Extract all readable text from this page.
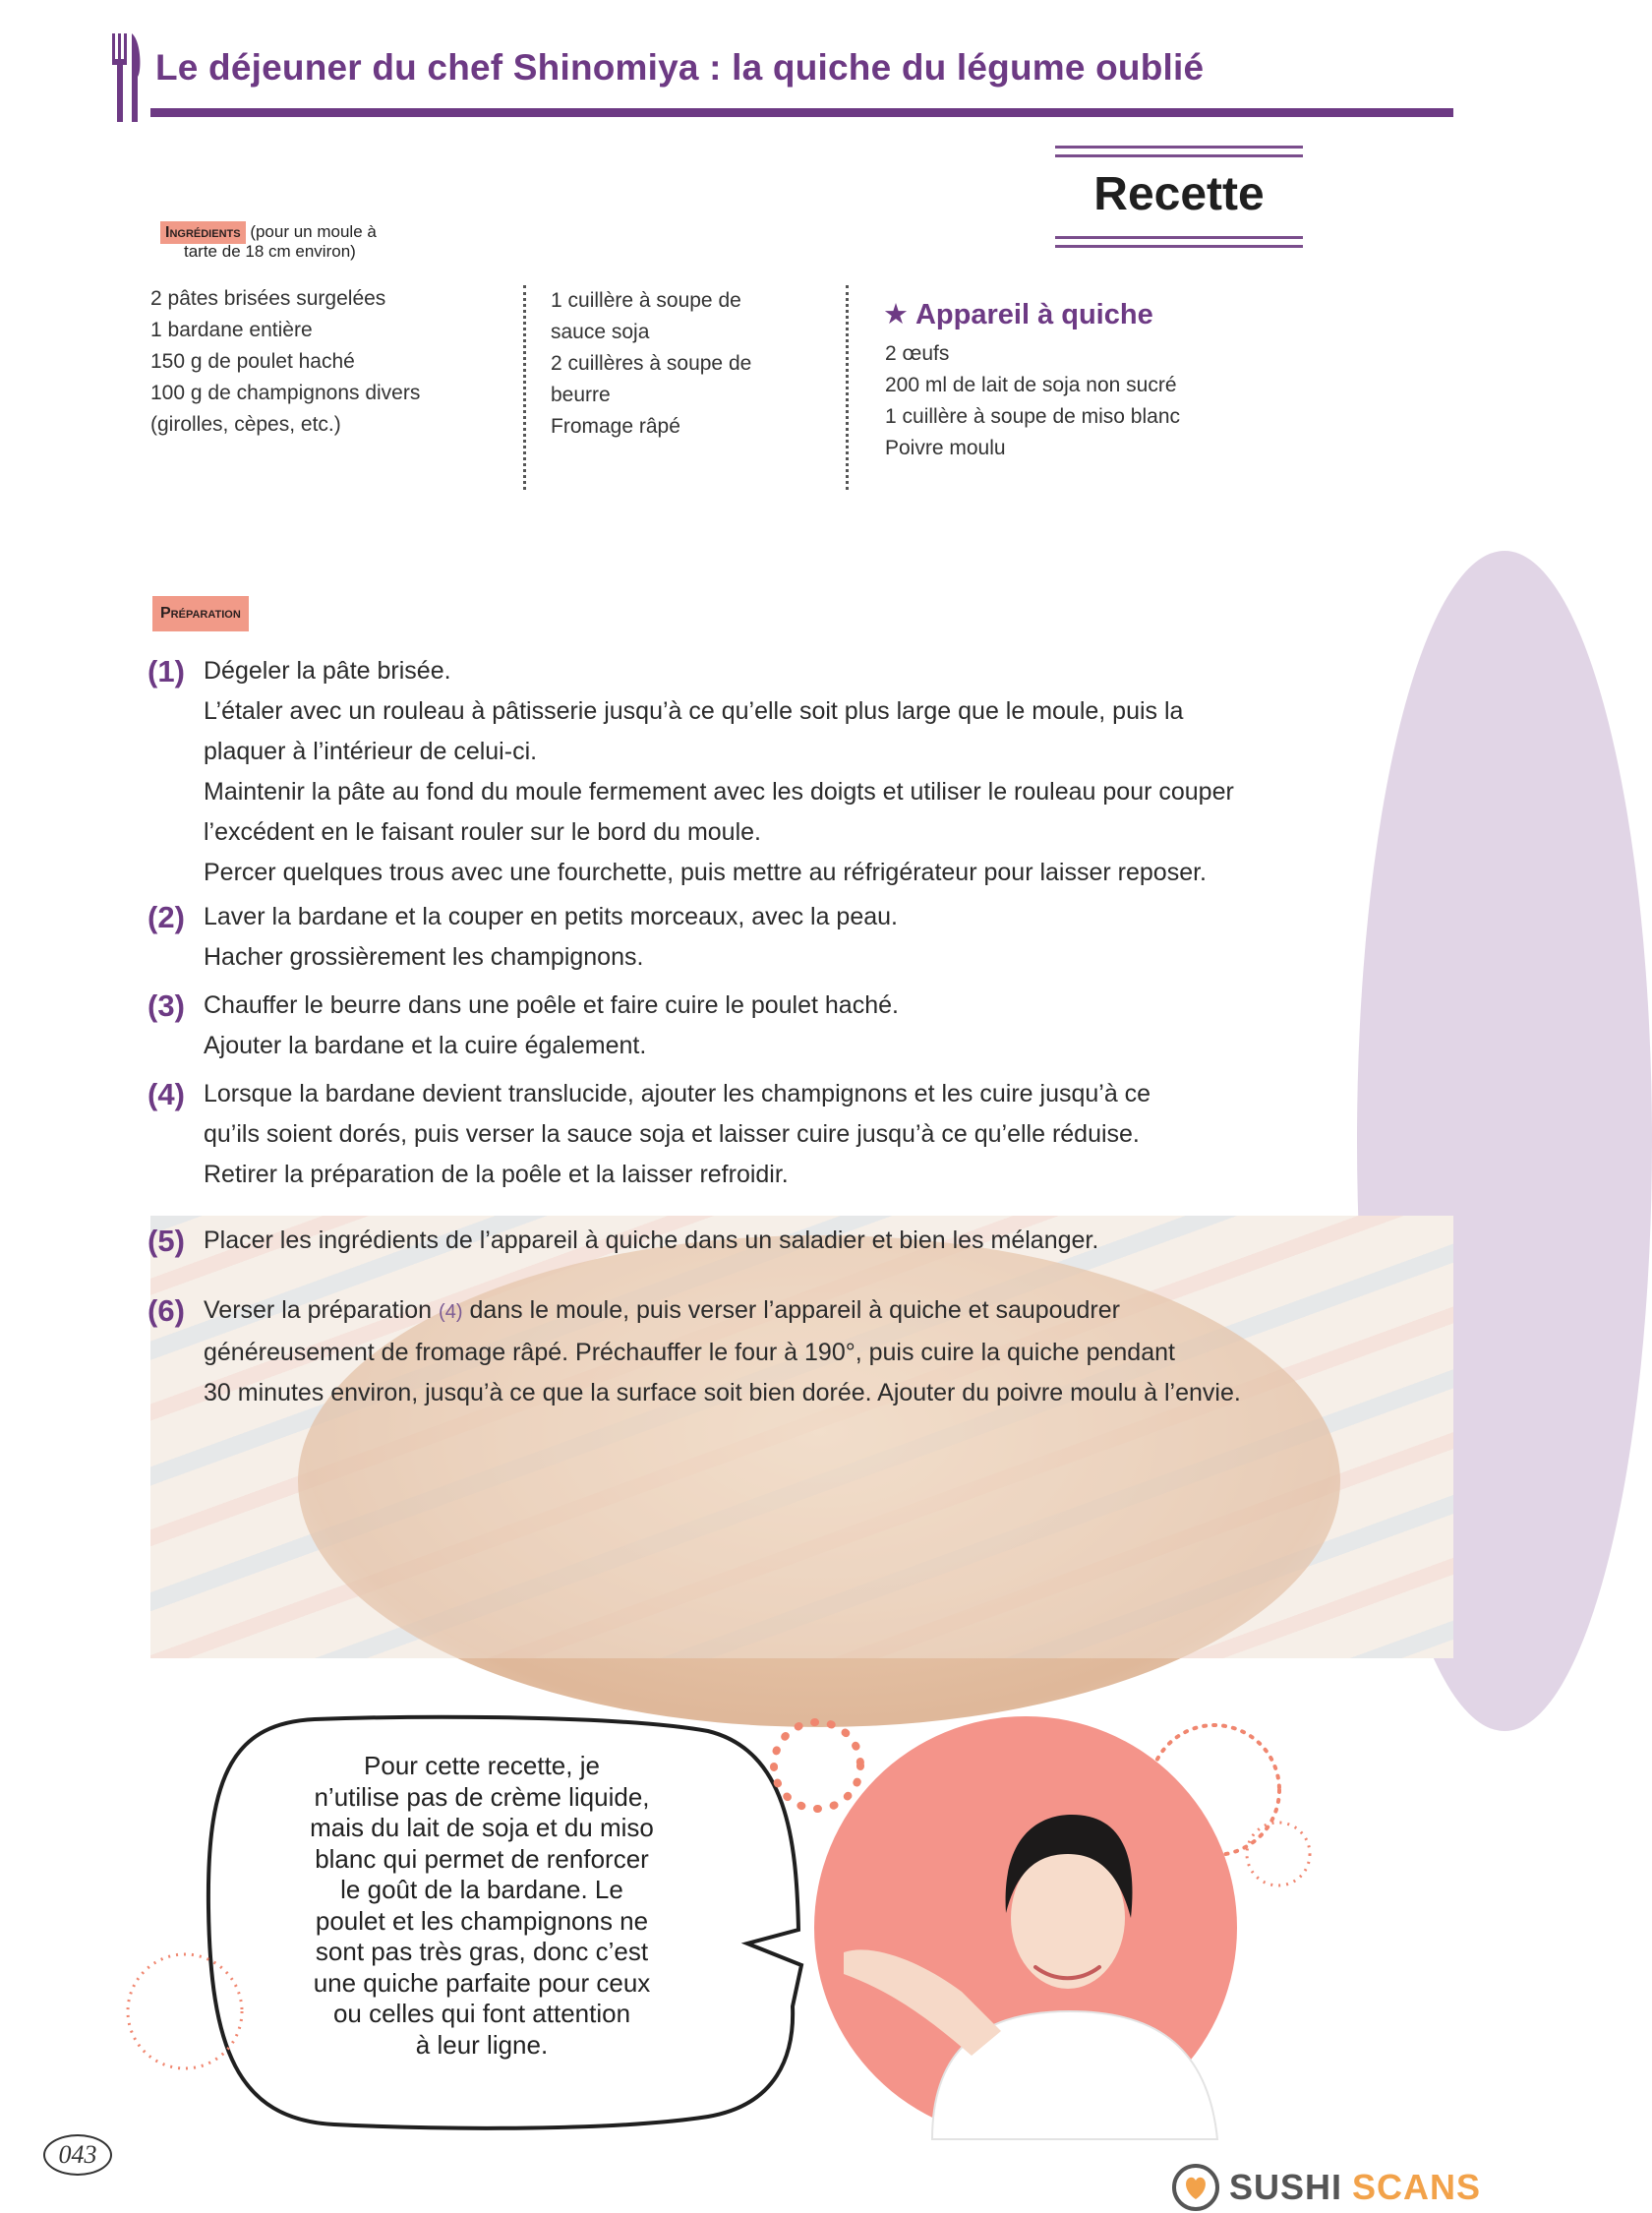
Le déjeuner du chef Shinomiya : la quiche du légume oublié
Recette
Ingrédients (pour un moule à
tarte de 18 cm environ)
2 pâtes brisées surgelées
1 bardane entière
150 g de poulet haché
100 g de champignons divers
(girolles, cèpes, etc.)
1 cuillère à soupe de
sauce soja
2 cuillères à soupe de
beurre
Fromage râpé
★ Appareil à quiche
2 œufs
200 ml de lait de soja non sucré
1 cuillère à soupe de miso blanc
Poivre moulu
Préparation
(1) Dégeler la pâte brisée.
L’étaler avec un rouleau à pâtisserie jusqu’à ce qu’elle soit plus large que le moule, puis la
plaquer à l’intérieur de celui-ci.
Maintenir la pâte au fond du moule fermement avec les doigts et utiliser le rouleau pour couper
l’excédent en le faisant rouler sur le bord du moule.
Percer quelques trous avec une fourchette, puis mettre au réfrigérateur pour laisser reposer.
(2) Laver la bardane et la couper en petits morceaux, avec la peau.
Hacher grossièrement les champignons.
(3) Chauffer le beurre dans une poêle et faire cuire le poulet haché.
Ajouter la bardane et la cuire également.
(4) Lorsque la bardane devient translucide, ajouter les champignons et les cuire jusqu’à ce
qu’ils soient dorés, puis verser la sauce soja et laisser cuire jusqu’à ce qu’elle réduise.
Retirer la préparation de la poêle et la laisser refroidir.
(5) Placer les ingrédients de l’appareil à quiche dans un saladier et bien les mélanger.
(6) Verser la préparation (4) dans le moule, puis verser l’appareil à quiche et saupoudrer
généreusement de fromage râpé. Préchauffer le four à 190°, puis cuire la quiche pendant
30 minutes environ, jusqu’à ce que la surface soit bien dorée. Ajouter du poivre moulu à l’envie.
Pour cette recette, je
n’utilise pas de crème liquide,
mais du lait de soja et du miso
blanc qui permet de renforcer
le goût de la bardane. Le
poulet et les champignons ne
sont pas très gras, donc c’est
une quiche parfaite pour ceux
ou celles qui font attention
à leur ligne.
043
SUSHI SCANS
